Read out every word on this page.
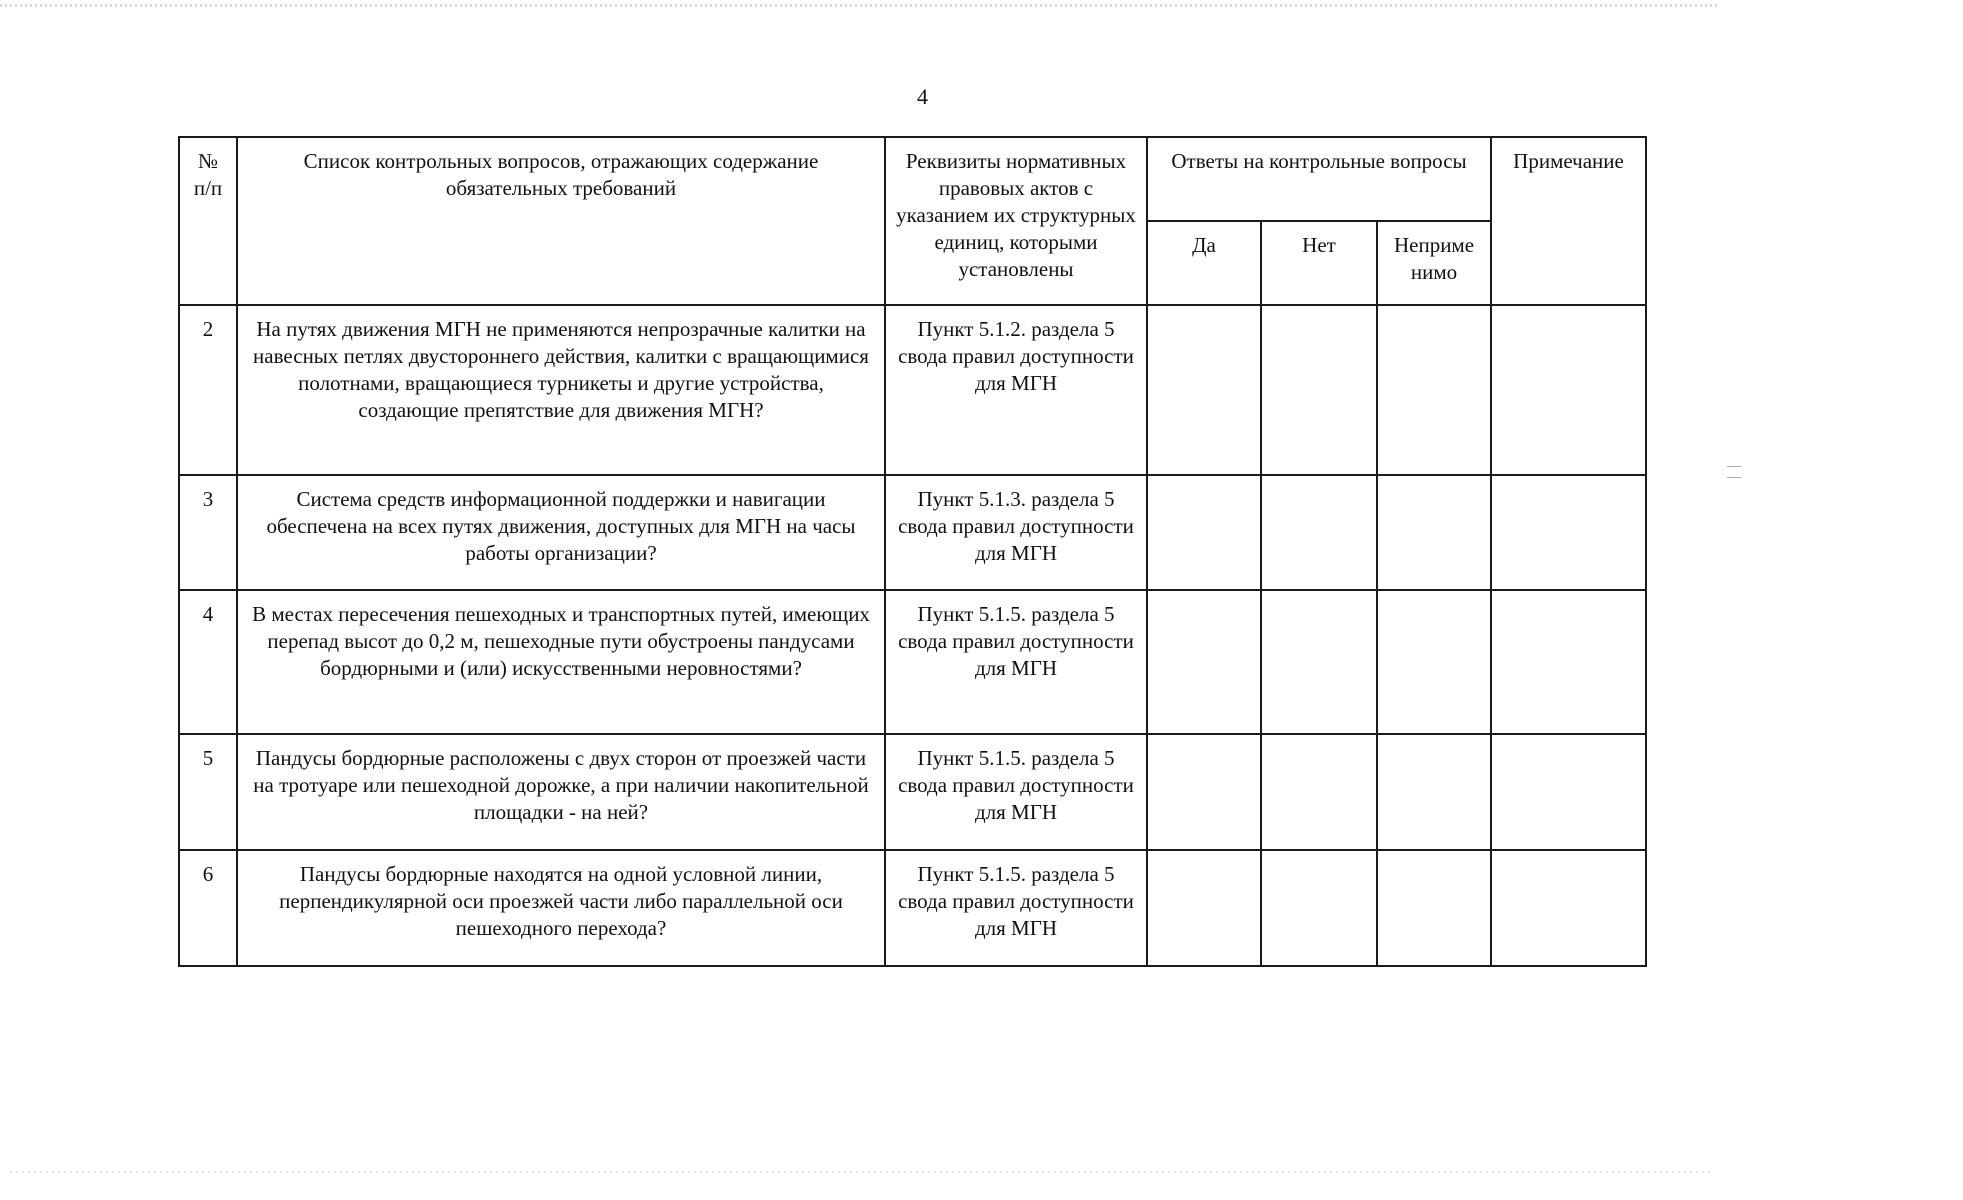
4
№ п/п	Список контрольных вопросов, отражающих содержание обязательных требований	Реквизиты нормативных правовых актов с указанием их структурных единиц, которыми установлены	Ответы на контрольные вопросы			Примечание
			Да	Нет	Неприме нимо	
2	На путях движения МГН не применяются непрозрачные калитки на навесных петлях двустороннего действия, калитки с вращающимися полотнами, вращающиеся турникеты и другие устройства, создающие препятствие для движения МГН?	Пункт 5.1.2. раздела 5 свода правил доступности для МГН				
3	Система средств информационной поддержки и навигации обеспечена на всех путях движения, доступных для МГН на часы работы организации?	Пункт 5.1.3. раздела 5 свода правил доступности для МГН				
4	В местах пересечения пешеходных и транспортных путей, имеющих перепад высот до 0,2 м, пешеходные пути обустроены пандусами бордюрными и (или) искусственными неровностями?	Пункт 5.1.5. раздела 5 свода правил доступности для МГН				
5	Пандусы бордюрные расположены с двух сторон от проезжей части на тротуаре или пешеходной дорожке, а при наличии накопительной площадки - на ней?	Пункт 5.1.5. раздела 5 свода правил доступности для МГН				
6	Пандусы бордюрные находятся на одной условной линии, перпендикулярной оси проезжей части либо параллельной оси пешеходного перехода?	Пункт 5.1.5. раздела 5 свода правил доступности для МГН				
